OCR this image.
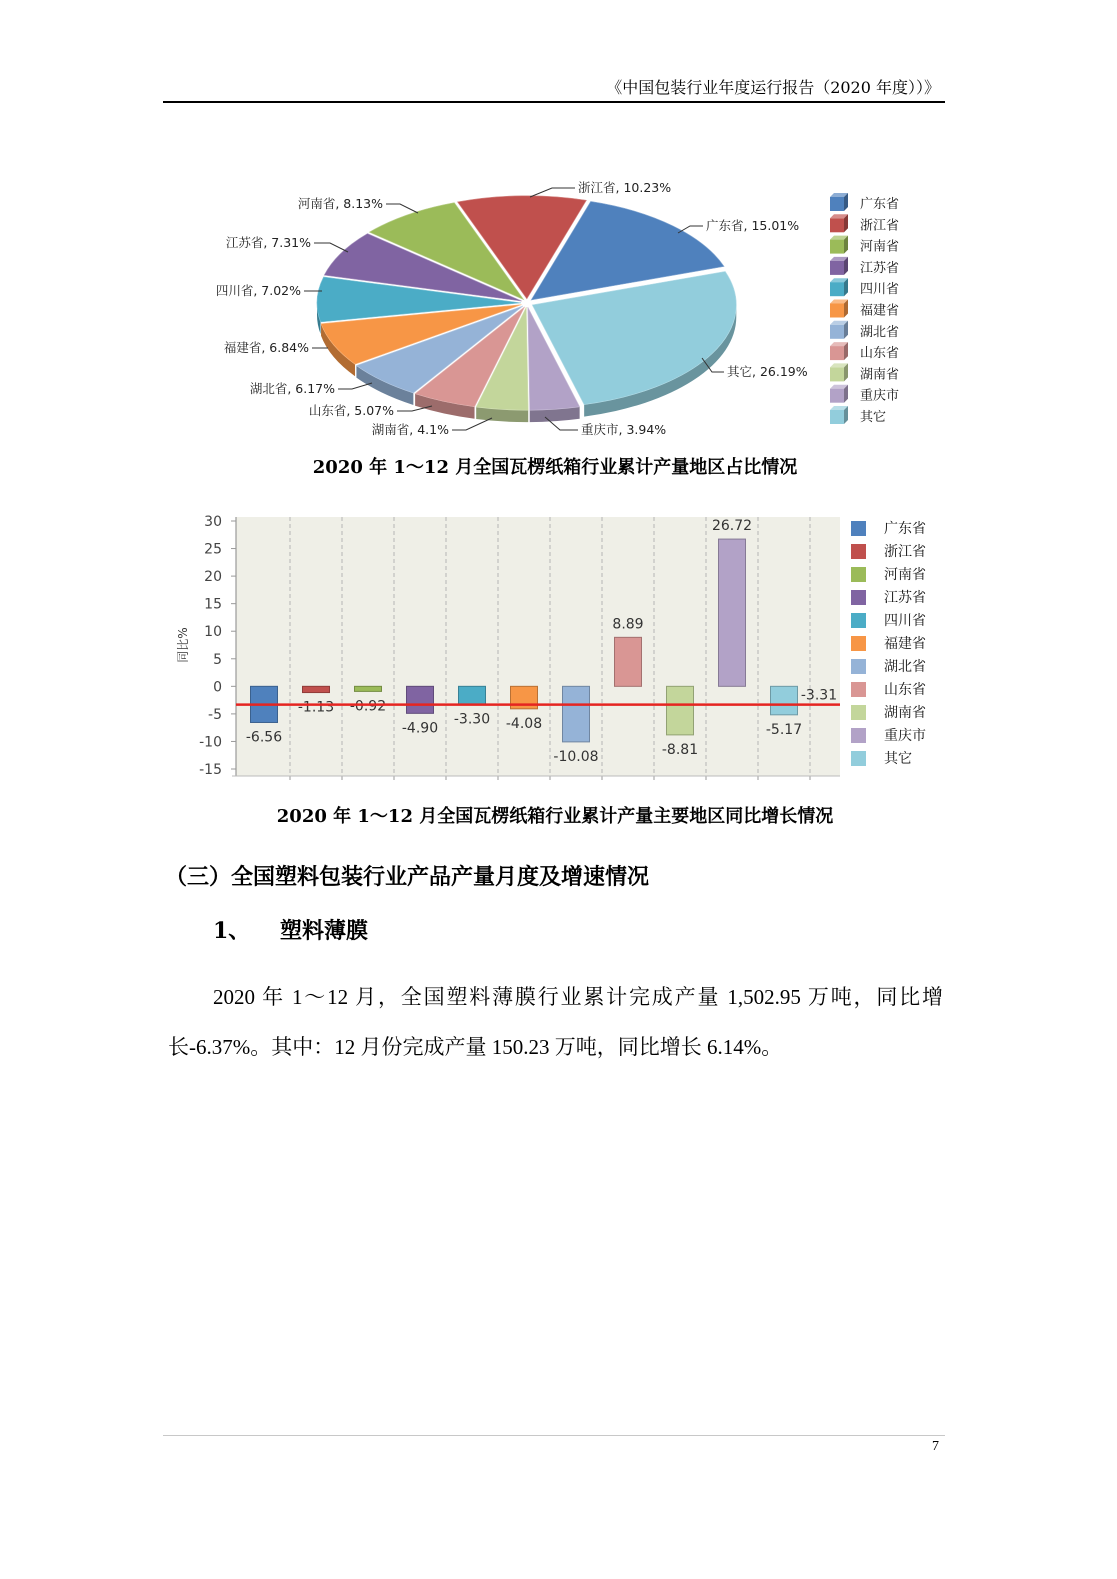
《中国包装行业年度运行报告（2020 年度））》
广东省, 15.01%
浙江省, 10.23%
河南省, 8.13%
江苏省, 7.31%
四川省, 7.02%
福建省, 6.84%
湖北省, 6.17%
山东省, 5.07%
湖南省, 4.1%	重庆市, 3.94%
其它, 26.19%
广东省
浙江省
河南省
江苏省
四川省
福建省
湖北省
山东省
湖南省
重庆市
其它
2020 年 1～12 月全国瓦楞纸箱行业累计产量地区占比情况
30
25
20
15
10
5
0
-5
-10
-15
同比%
-6.56
-1.13 -0.92
-4.90
-3.30 -4.08
-10.08
8.89
-8.81
26.72
-5.17
-3.31
广东省
浙江省
河南省
江苏省
四川省
福建省
湖北省
山东省
湖南省
重庆市
其它
2020 年 1～12 月全国瓦楞纸箱行业累计产量主要地区同比增长情况
（三）全国塑料包装行业产品产量月度及增速情况
1、 塑料薄膜

2020 年 1～12 月，全国塑料薄膜行业累计完成产量 1,502.95 万吨，同比增长-6.37%。其中：12 月份完成产量 150.23 万吨，同比增长 6.14%。

7
